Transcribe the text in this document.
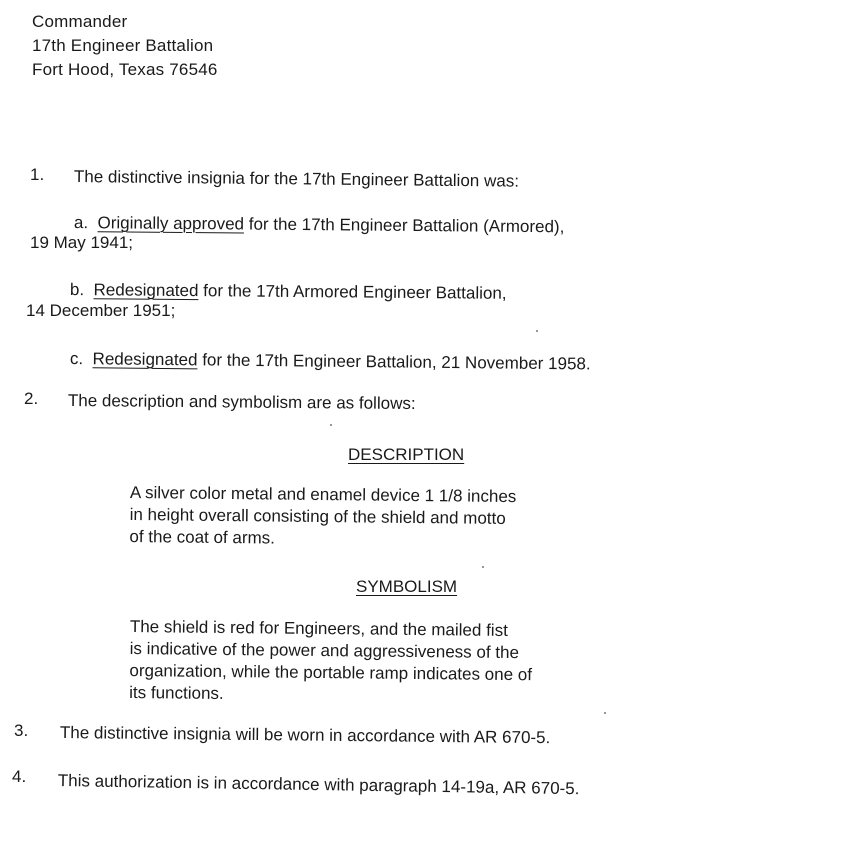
Commander
17th Engineer Battalion
Fort Hood, Texas 76546
1. The distinctive insignia for the 17th Engineer Battalion was:
a. Originally approved for the 17th Engineer Battalion (Armored),
19 May 1941;
b. Redesignated for the 17th Armored Engineer Battalion,
14 December 1951;
c. Redesignated for the 17th Engineer Battalion, 21 November 1958.
2. The description and symbolism are as follows:
DESCRIPTION
A silver color metal and enamel device 1 1/8 inches
in height overall consisting of the shield and motto
of the coat of arms.
SYMBOLISM
The shield is red for Engineers, and the mailed fist
is indicative of the power and aggressiveness of the
organization, while the portable ramp indicates one of
its functions.
3. The distinctive insignia will be worn in accordance with AR 670-5.
4. This authorization is in accordance with paragraph 14-19a, AR 670-5.
